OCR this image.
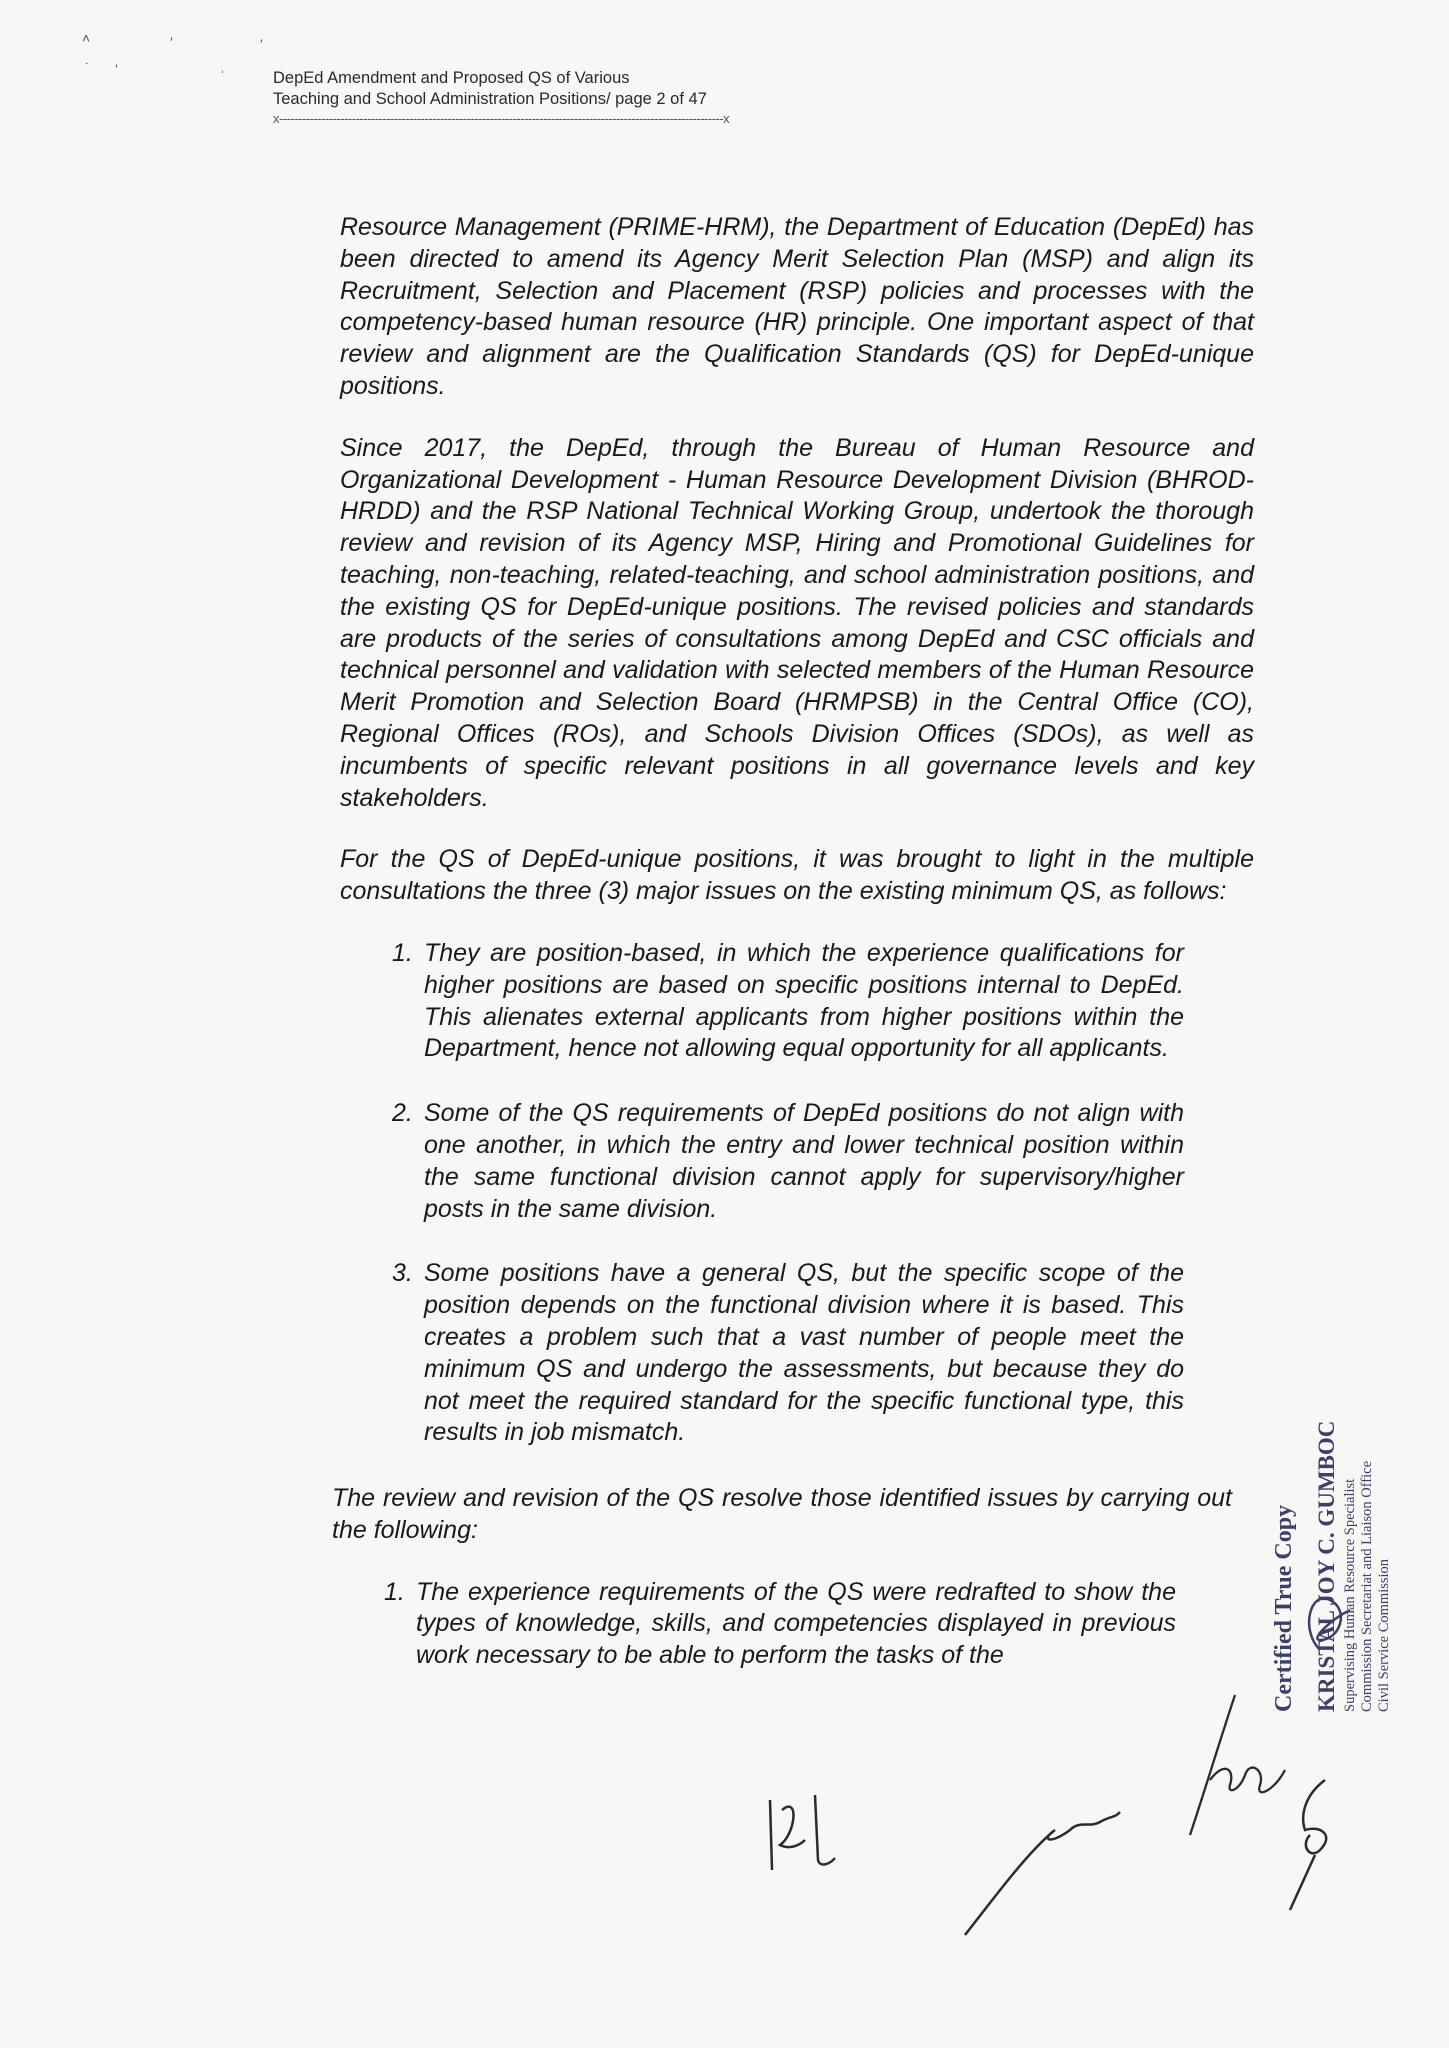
˄	′	′
˙ ʼ	ˈ	DepEd Amendment and Proposed QS of Various
Teaching and School Administration Positions/ page 2 of 47
x--------------------------------------------------------------------------------------------------------------------x

Resource Management (PRIME-HRM), the Department of Education (DepEd) has been directed to amend its Agency Merit Selection Plan (MSP) and align its Recruitment, Selection and Placement (RSP) policies and processes with the competency-based human resource (HR) principle. One important aspect of that review and alignment are the Qualification Standards (QS) for DepEd-unique positions.

Since 2017, the DepEd, through the Bureau of Human Resource and Organizational Development - Human Resource Development Division (BHROD-HRDD) and the RSP National Technical Working Group, undertook the thorough review and revision of its Agency MSP, Hiring and Promotional Guidelines for teaching, non-teaching, related-teaching, and school administration positions, and the existing QS for DepEd-unique positions. The revised policies and standards are products of the series of consultations among DepEd and CSC officials and technical personnel and validation with selected members of the Human Resource Merit Promotion and Selection Board (HRMPSB) in the Central Office (CO), Regional Offices (ROs), and Schools Division Offices (SDOs), as well as incumbents of specific relevant positions in all governance levels and key stakeholders.

For the QS of DepEd-unique positions, it was brought to light in the multiple consultations the three (3) major issues on the existing minimum QS, as follows:

1. They are position-based, in which the experience qualifications for higher positions are based on specific positions internal to DepEd. This alienates external applicants from higher positions within the Department, hence not allowing equal opportunity for all applicants.
2. Some of the QS requirements of DepEd positions do not align with one another, in which the entry and lower technical position within the same functional division cannot apply for supervisory/higher posts in the same division.
3. Some positions have a general QS, but the specific scope of the position depends on the functional division where it is based. This creates a problem such that a vast number of people meet the minimum QS and undergo the assessments, but because they do not meet the required standard for the specific functional type, this results in job mismatch.

The review and revision of the QS resolve those identified issues by carrying out the following:

1. The experience requirements of the QS were redrafted to show the types of knowledge, skills, and competencies displayed in previous work necessary to be able to perform the tasks of the	Certified True Copy KRISTAL JOY C. GUMBOC Supervising Human Resource Specialist Commission Secretariat and Liaison Office Civil Service Commission
